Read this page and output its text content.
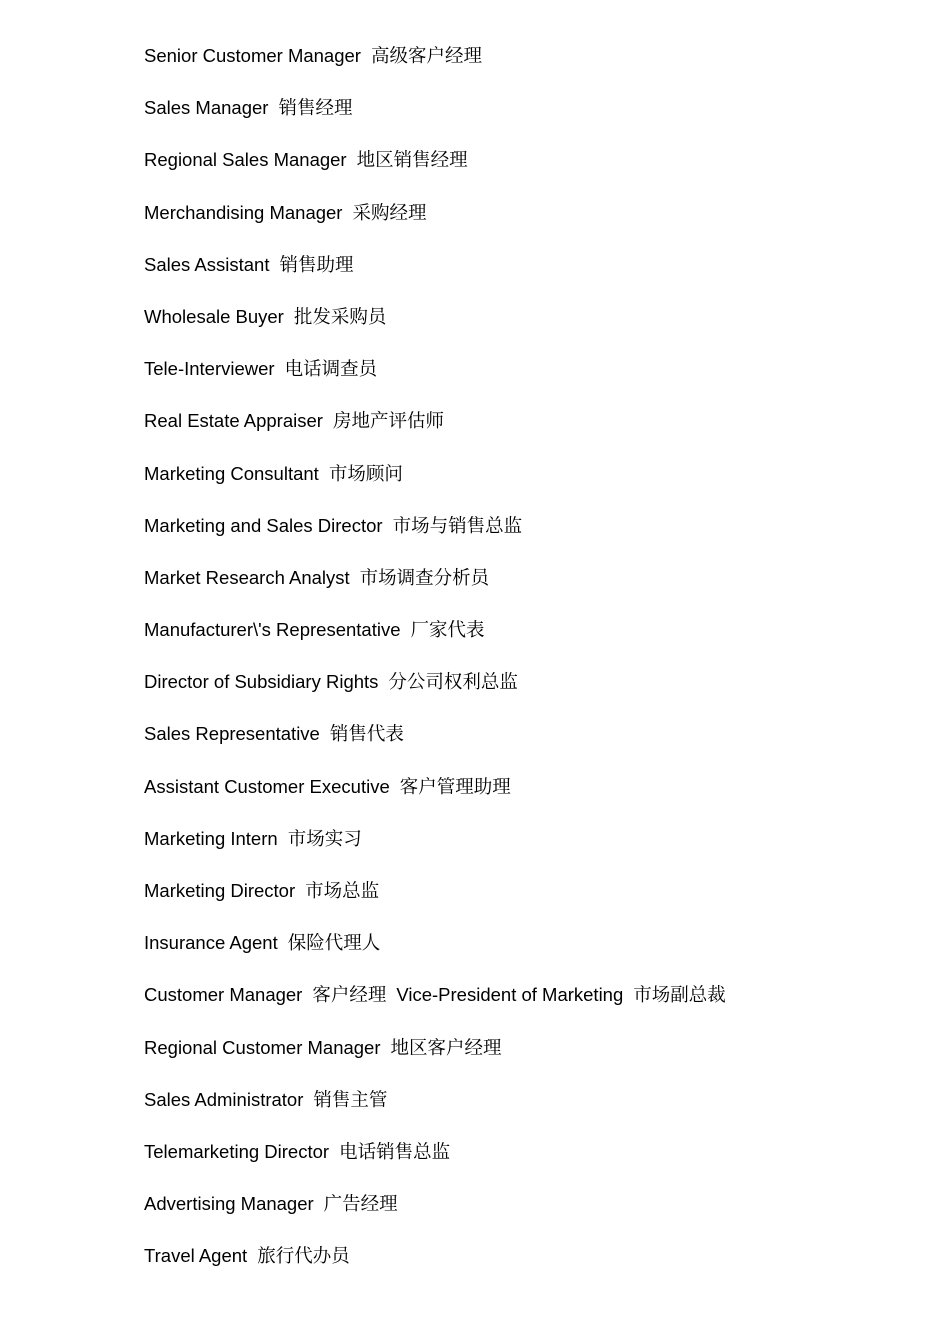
Senior Customer Manager 高级客户经理
Sales Manager 销售经理
Regional Sales Manager 地区销售经理
Merchandising Manager 采购经理
Sales Assistant 销售助理
Wholesale Buyer 批发采购员
Tele-Interviewer 电话调查员
Real Estate Appraiser 房地产评估师
Marketing Consultant 市场顾问
Marketing and Sales Director 市场与销售总监
Market Research Analyst 市场调查分析员
Manufacturer\'s Representative 厂家代表
Director of Subsidiary Rights 分公司权利总监
Sales Representative 销售代表
Assistant Customer Executive 客户管理助理
Marketing Intern 市场实习
Marketing Director 市场总监
Insurance Agent 保险代理人
Customer Manager 客户经理 Vice-President of Marketing 市场副总裁
Regional Customer Manager 地区客户经理
Sales Administrator 销售主管
Telemarketing Director 电话销售总监
Advertising Manager 广告经理
Travel Agent 旅行代办员
